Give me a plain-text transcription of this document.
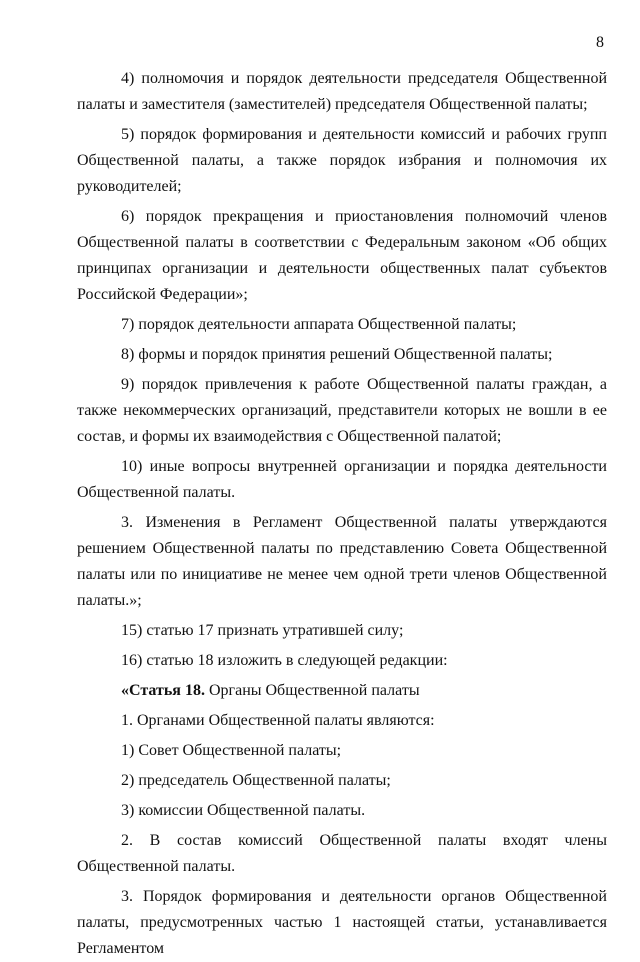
8

4) полномочия и порядок деятельности председателя Общественной палаты и заместителя (заместителей) председателя Общественной палаты;

5) порядок формирования и деятельности комиссий и рабочих групп Общественной палаты, а также порядок избрания и полномочия их руководителей;

6) порядок прекращения и приостановления полномочий членов Общественной палаты в соответствии с Федеральным законом «Об общих принципах организации и деятельности общественных палат субъектов Российской Федерации»;

7) порядок деятельности аппарата Общественной палаты;

8) формы и порядок принятия решений Общественной палаты;

9) порядок привлечения к работе Общественной палаты граждан, а также некоммерческих организаций, представители которых не вошли в ее состав, и формы их взаимодействия с Общественной палатой;

10) иные вопросы внутренней организации и порядка деятельности Общественной палаты.

3. Изменения в Регламент Общественной палаты утверждаются решением Общественной палаты по представлению Совета Общественной палаты или по инициативе не менее чем одной трети членов Общественной палаты.»;

15) статью 17 признать утратившей силу;

16) статью 18 изложить в следующей редакции:

«Статья 18. Органы Общественной палаты

1. Органами Общественной палаты являются:

1) Совет Общественной палаты;

2) председатель Общественной палаты;

3) комиссии Общественной палаты.

2. В состав комиссий Общественной палаты входят члены Общественной палаты.

3. Порядок формирования и деятельности органов Общественной палаты, предусмотренных частью 1 настоящей статьи, устанавливается Регламентом
